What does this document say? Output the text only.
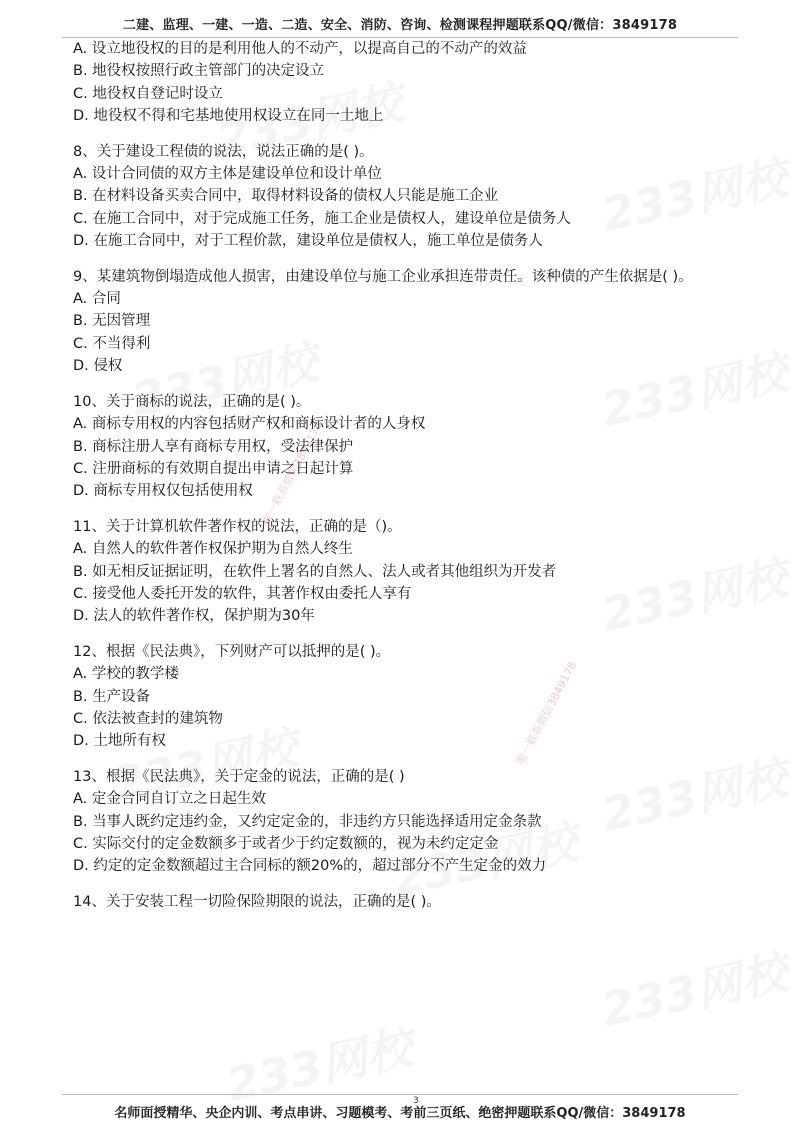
二建、监理、一建、一造、二造、安全、消防、咨询、检测课程押题联系QQ/微信：3849178
唯一联系微信3849178
唯一联系微信3849178
A. 设立地役权的目的是利用他人的不动产，以提高自己的不动产的效益
B. 地役权按照行政主管部门的决定设立
C. 地役权自登记时设立
D. 地役权不得和宅基地使用权设立在同一土地上
8、关于建设工程债的说法，说法正确的是( )。
A. 设计合同债的双方主体是建设单位和设计单位
B. 在材料设备买卖合同中，取得材料设备的债权人只能是施工企业
C. 在施工合同中，对于完成施工任务，施工企业是债权人，建设单位是债务人
D. 在施工合同中，对于工程价款，建设单位是债权人，施工单位是债务人
9、某建筑物倒塌造成他人损害，由建设单位与施工企业承担连带责任。该种债的产生依据是( )。
A. 合同
B. 无因管理
C. 不当得利
D. 侵权
10、关于商标的说法，正确的是( )。
A. 商标专用权的内容包括财产权和商标设计者的人身权
B. 商标注册人享有商标专用权，受法律保护
C. 注册商标的有效期自提出申请之日起计算
D. 商标专用权仅包括使用权
11、关于计算机软件著作权的说法，正确的是（)。
A. 自然人的软件著作权保护期为自然人终生
B. 如无相反证据证明，在软件上署名的自然人、法人或者其他组织为开发者
C. 接受他人委托开发的软件，其著作权由委托人享有
D. 法人的软件著作权，保护期为30年
12、根据《民法典》，下列财产可以抵押的是( )。
A. 学校的教学楼
B. 生产设备
C. 依法被查封的建筑物
D. 土地所有权
13、根据《民法典》，关于定金的说法，正确的是( )
A. 定金合同自订立之日起生效
B. 当事人既约定违约金，又约定定金的，非违约方只能选择适用定金条款
C. 实际交付的定金数额多于或者少于约定数额的，视为未约定定金
D. 约定的定金数额超过主合同标的额20%的，超过部分不产生定金的效力
14、关于安装工程一切险保险期限的说法，正确的是( )。
名师面授精华、央企内训、考点串讲、习题模考、考前三页纸、绝密押题联系QQ/微信：3849178
3
